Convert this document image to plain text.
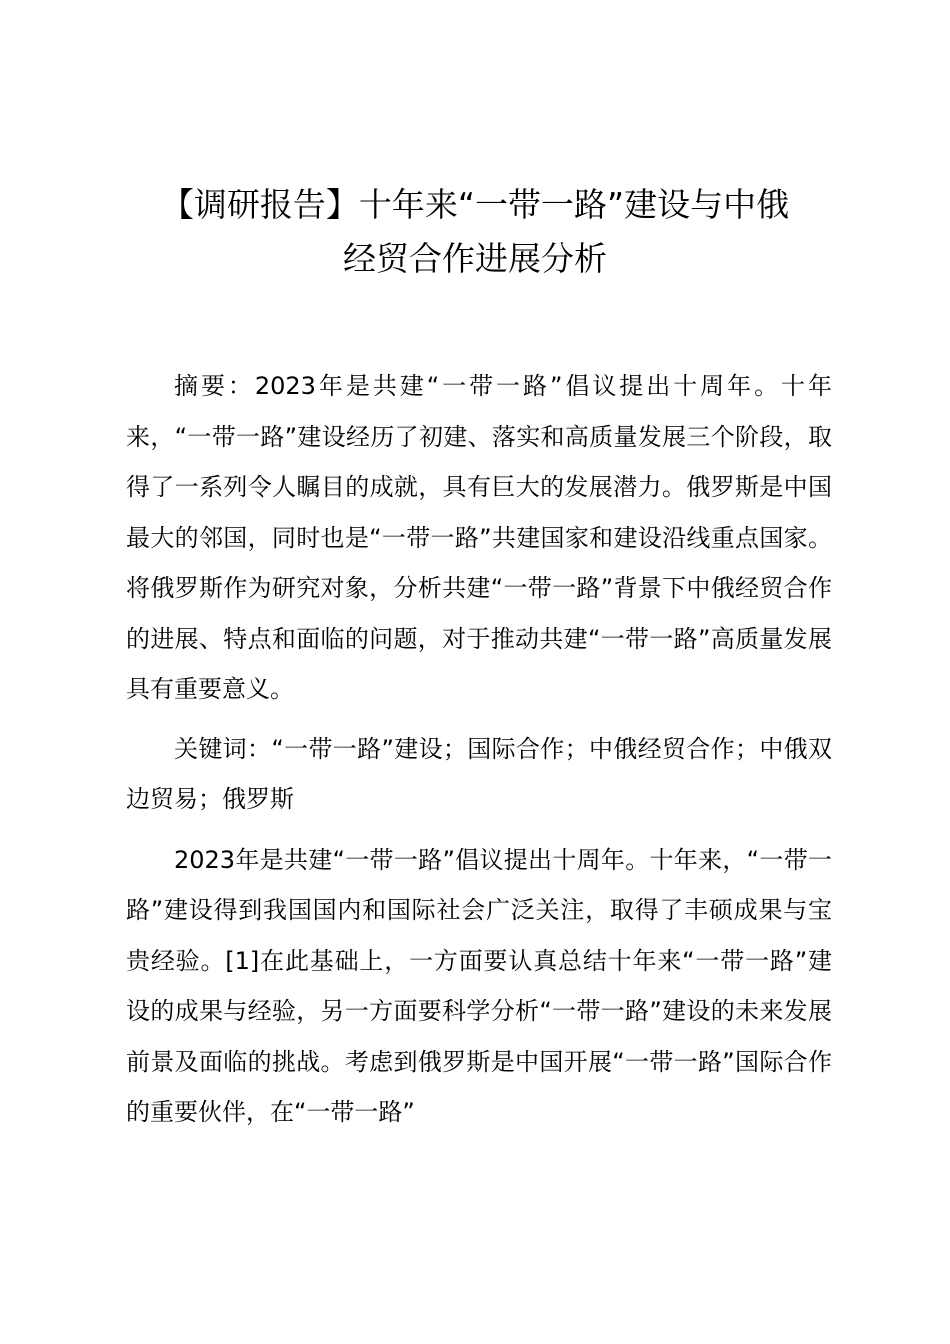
【调研报告】十年来“一带一路”建设与中俄
经贸合作进展分析

摘要：2023年是共建“一带一路”倡议提出十周年。十年来，“一带一路”建设经历了初建、落实和高质量发展三个阶段，取得了一系列令人瞩目的成就，具有巨大的发展潜力。俄罗斯是中国最大的邻国，同时也是“一带一路”共建国家和建设沿线重点国家。将俄罗斯作为研究对象，分析共建“一带一路”背景下中俄经贸合作的进展、特点和面临的问题，对于推动共建“一带一路”高质量发展具有重要意义。

关键词：“一带一路”建设；国际合作；中俄经贸合作；中俄双边贸易；俄罗斯

2023年是共建“一带一路”倡议提出十周年。十年来，“一带一路”建设得到我国国内和国际社会广泛关注，取得了丰硕成果与宝贵经验。[1]在此基础上，一方面要认真总结十年来“一带一路”建设的成果与经验，另一方面要科学分析“一带一路”建设的未来发展前景及面临的挑战。考虑到俄罗斯是中国开展“一带一路”国际合作的重要伙伴，在“一带一路”
